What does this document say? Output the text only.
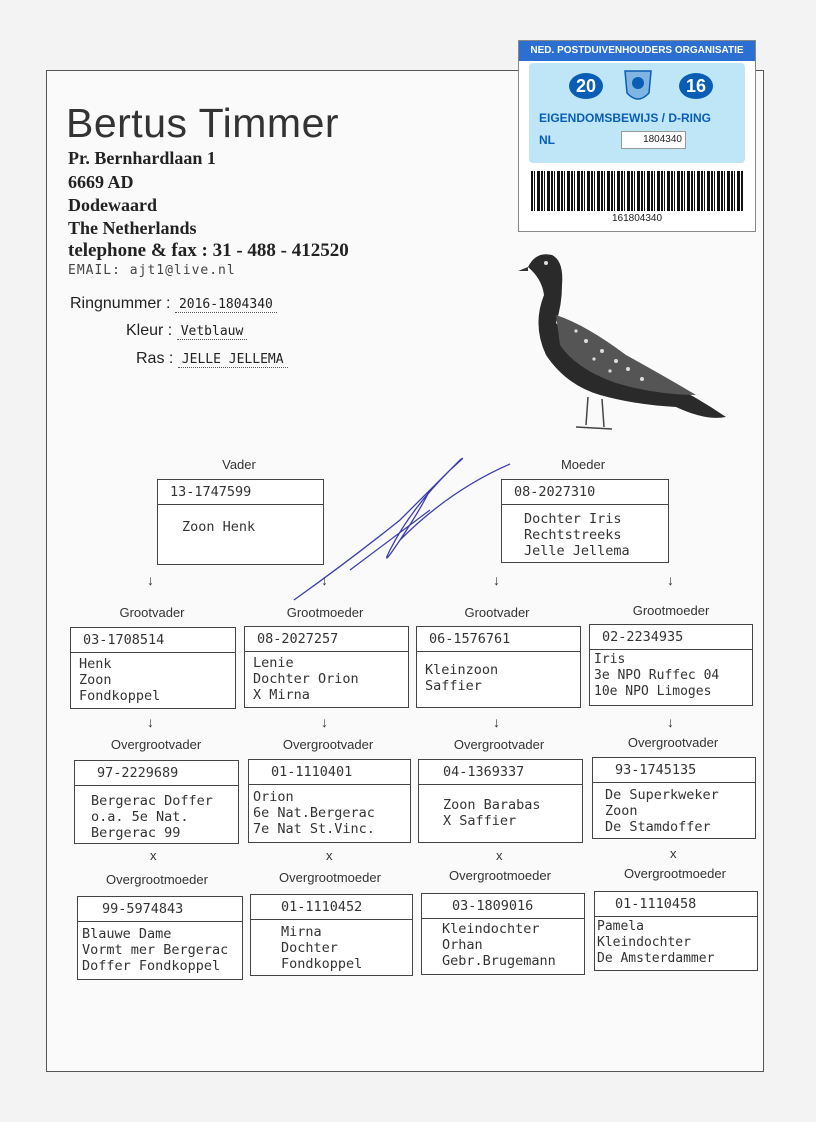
Bertus Timmer
Pr. Bernhardlaan 1
6669 AD
Dodewaard
The Netherlands
telephone & fax : 31 - 488 - 412520
EMAIL: ajt1@live.nl
Ringnummer : 2016-1804340
Kleur : Vetblauw
Ras : JELLE JELLEMA
NED. POSTDUIVENHOUDERS ORGANISATIE
20	16
EIGENDOMSBEWIJS / D-RING
NL	1804340
161804340
Vader
13-1747599
Zoon Henk
Moeder
08-2027310
Dochter Iris
Rechtstreeks
Jelle Jellema
↓	↓	↓	↓
Grootvader	Grootmoeder	Grootvader	Grootmoeder
03-1708514
Henk
Zoon
Fondkoppel
08-2027257
Lenie
Dochter Orion
X Mirna
06-1576761
Kleinzoon
Saffier
02-2234935
Iris
3e NPO Ruffec 04
10e NPO Limoges
↓	↓	↓	↓
Overgrootvader	Overgrootvader	Overgrootvader	Overgrootvader
97-2229689
Bergerac Doffer
o.a. 5e Nat.
Bergerac 99
01-1110401
Orion
6e Nat.Bergerac
7e Nat St.Vinc.
04-1369337
Zoon Barabas
X Saffier
93-1745135
De Superkweker
Zoon
De Stamdoffer
x	x	x	x
Overgrootmoeder	Overgrootmoeder	Overgrootmoeder	Overgrootmoeder
99-5974843
Blauwe Dame
Vormt mer Bergerac
Doffer Fondkoppel
01-1110452
Mirna
Dochter
Fondkoppel
03-1809016
Kleindochter
Orhan
Gebr.Brugemann
01-1110458
Pamela
Kleindochter
De Amsterdammer
